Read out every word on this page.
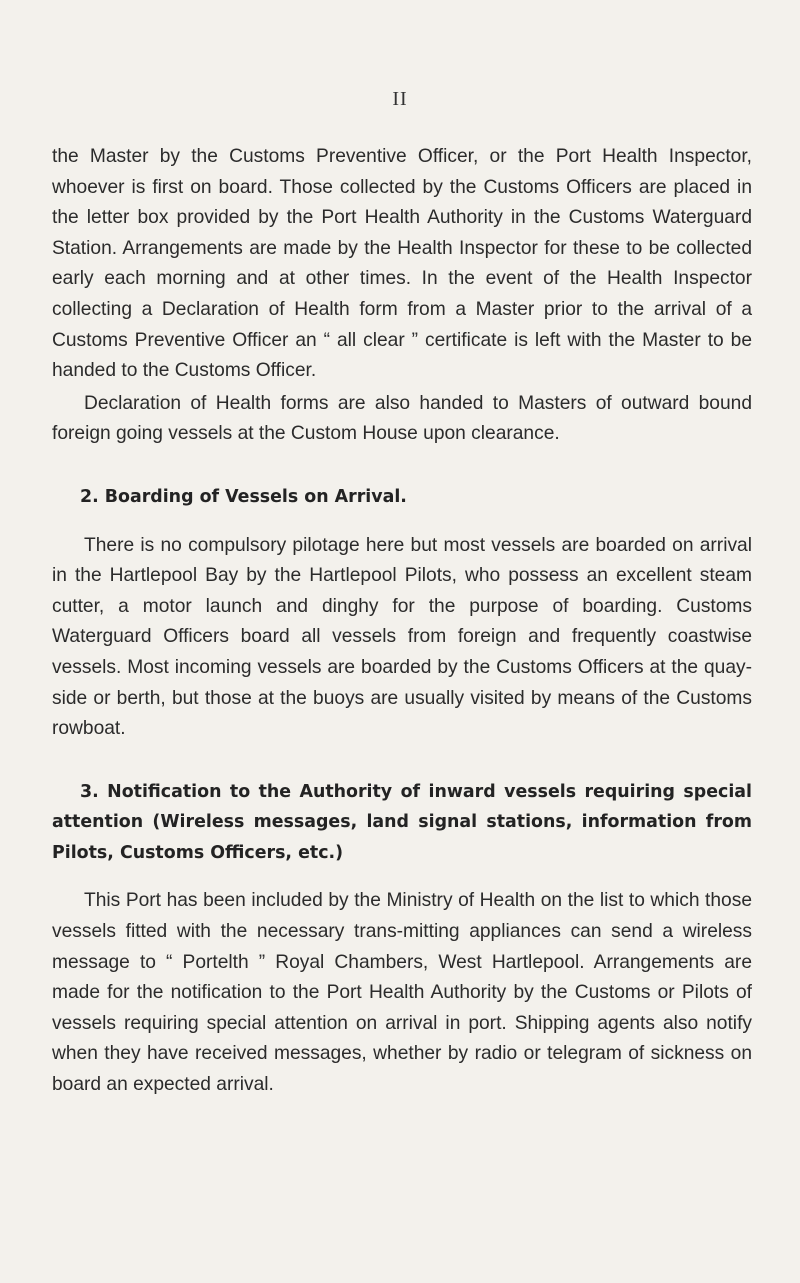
II

the Master by the Customs Preventive Officer, or the Port Health Inspector, whoever is first on board. Those collected by the Customs Officers are placed in the letter box provided by the Port Health Authority in the Customs Waterguard Station. Arrangements are made by the Health Inspector for these to be collected early each morning and at other times. In the event of the Health Inspector collecting a Declaration of Health form from a Master prior to the arrival of a Customs Preventive Officer an “ all clear ” certificate is left with the Master to be handed to the Customs Officer.

Declaration of Health forms are also handed to Masters of outward bound foreign going vessels at the Custom House upon clearance.

2. Boarding of Vessels on Arrival.

There is no compulsory pilotage here but most vessels are boarded on arrival in the Hartlepool Bay by the Hartlepool Pilots, who possess an excellent steam cutter, a motor launch and dinghy for the purpose of boarding. Customs Waterguard Officers board all vessels from foreign and frequently coastwise vessels. Most incoming vessels are boarded by the Customs Officers at the quay-side or berth, but those at the buoys are usually visited by means of the Customs rowboat.

3. Notification to the Authority of inward vessels requiring special attention (Wireless messages, land signal stations, information from Pilots, Customs Officers, etc.)

This Port has been included by the Ministry of Health on the list to which those vessels fitted with the necessary trans-mitting appliances can send a wireless message to “ Portelth ” Royal Chambers, West Hartlepool. Arrangements are made for the notification to the Port Health Authority by the Customs or Pilots of vessels requiring special attention on arrival in port. Shipping agents also notify when they have received messages, whether by radio or telegram of sickness on board an expected arrival.
